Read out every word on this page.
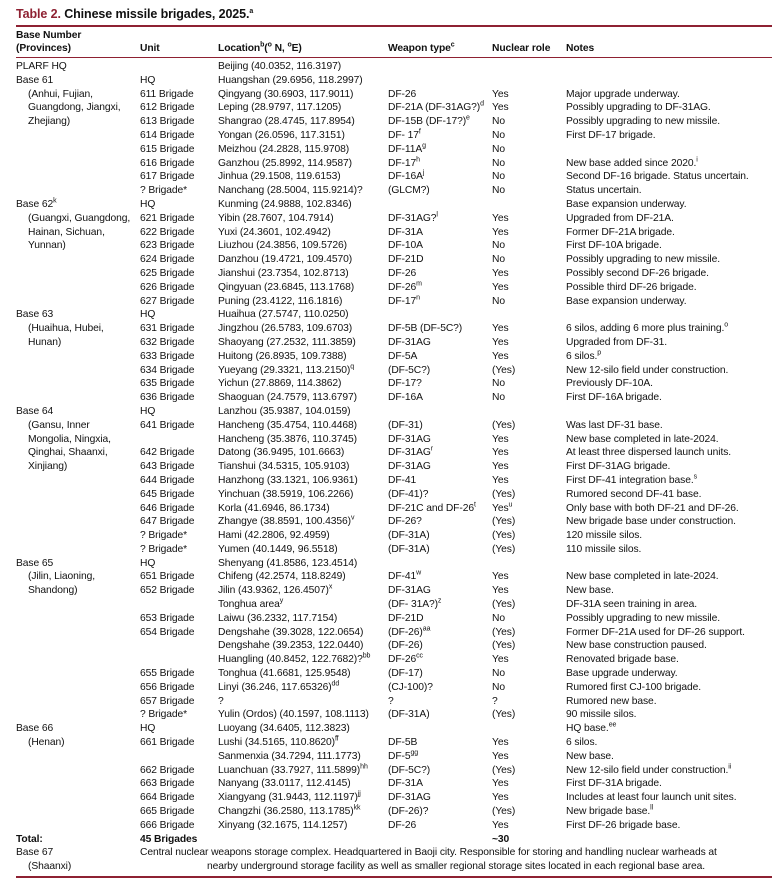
Table 2. Chinese missile brigades, 2025.$^a$
Base Number
(Provinces)	Unit	Location$^b$($^o$ N, $^o$E)	Weapon type$^c$	Nuclear role	Notes
PLARF HQ		Beijing (40.0352, 116.3197)			
Base 61	HQ	Huangshan (29.6956, 118.2997)			
(Anhui, Fujian,	611 Brigade	Qingyang (30.6903, 117.9011)	DF-26	Yes	Major upgrade underway.
Guangdong, Jiangxi,	612 Brigade	Leping (28.9797, 117.1205)	DF-21A (DF-31AG?)$^d$	Yes	Possibly upgrading to DF-31AG.
Zhejiang)	613 Brigade	Shangrao (28.4745, 117.8954)	DF-15B (DF-17?)$^e$	No	Possibly upgrading to new missile.
	614 Brigade	Yongan (26.0596, 117.3151)	DF- 17$^f$	No	First DF-17 brigade.
	615 Brigade	Meizhou (24.2828, 115.9708)	$DF-11A^g$	No	
	616 Brigade	Ganzhou (25.8992, 114.9587)	DF-17$^h$	No	New base added since 2020.$^i$
	617 Brigade	Jinhua (29.1508, 119.6153)	$DF-16A^j$	No	Second DF-16 brigade. Status uncertain.
	? Brigade*	Nanchang (28.5004, 115.9214)?	(GLCM?)	No	Status uncertain.
Base 62$^k$	HQ	Kunming (24.9888, 102.8346)			Base expansion underway.
(Guangxi, Guangdong,	621 Brigade	Yibin (28.7607, 104.7914)	DF-31AG?$^l$	Yes	Upgraded from DF-21A.
Hainan, Sichuan,	622 Brigade	Yuxi (24.3601, 102.4942)	DF-31A	Yes	Former DF-21A brigade.
Yunnan)	623 Brigade	Liuzhou (24.3856, 109.5726)	DF-10A	No	First DF-10A brigade.
	624 Brigade	Danzhou (19.4721, 109.4570)	DF-21D	No	Possibly upgrading to new missile.
	625 Brigade	Jianshui (23.7354, 102.8713)	DF-26	Yes	Possibly second DF-26 brigade.
	626 Brigade	Qingyuan (23.6845, 113.1768)	DF-26$^m$	Yes	Possible third DF-26 brigade.
	627 Brigade	Puning (23.4122, 116.1816)	DF-17$^n$	No	Base expansion underway.
Base 63	HQ	Huaihua (27.5747, 110.0250)			
(Huaihua, Hubei,	631 Brigade	Jingzhou (26.5783, 109.6703)	DF-5B (DF-5C?)	Yes	6 silos, adding 6 more plus training.$^o$
Hunan)	632 Brigade	Shaoyang (27.2532, 111.3859)	DF-31AG	Yes	Upgraded from DF-31.
	633 Brigade	Huitong (26.8935, 109.7388)	DF-5A	Yes	6 silos.$^p$
	634 Brigade	Yueyang (29.3321, 113.2150)$^q$	(DF-5C?)	(Yes)	New 12-silo field under construction.
	635 Brigade	Yichun (27.8869, 114.3862)	DF-17?	No	Previously DF-10A.
	636 Brigade	Shaoguan (24.7579, 113.6797)	DF-16A	No	First DF-16A brigade.
Base 64	HQ	Lanzhou (35.9387, 104.0159)			
(Gansu, Inner	641 Brigade	Hancheng (35.4754, 110.4468)	(DF-31)	(Yes)	Was last DF-31 base.
Mongolia, Ningxia,		Hancheng (35.3876, 110.3745)	DF-31AG	Yes	New base completed in late-2024.
Qinghai, Shaanxi,	642 Brigade	Datong (36.9495, 101.6663)	$DF-31AG^r$	Yes	At least three dispersed launch units.
Xinjiang)	643 Brigade	Tianshui (34.5315, 105.9103)	DF-31AG	Yes	First DF-31AG brigade.
	644 Brigade	Hanzhong (33.1321, 106.9361)	DF-41	Yes	First DF-41 integration base.$^s$
	645 Brigade	Yinchuan (38.5919, 106.2266)	(DF-41)?	(Yes)	Rumored second DF-41 base.
	646 Brigade	Korla (41.6946, 86.1734)	DF-21C and DF-26$^t$	Yes$^u$	Only base with both DF-21 and DF-26.
	647 Brigade	Zhangye (38.8591, 100.4356)$^v$	DF-26?	(Yes)	New brigade base under construction.
	? Brigade*	Hami (42.2806, 92.4959)	(DF-31A)	(Yes)	120 missile silos.
	? Brigade*	Yumen (40.1449, 96.5518)	(DF-31A)	(Yes)	110 missile silos.
Base 65	HQ	Shenyang (41.8586, 123.4514)			
(Jilin, Liaoning,	651 Brigade	Chifeng (42.2574, 118.8249)	DF-41$^w$	Yes	New base completed in late-2024.
Shandong)	652 Brigade	Jilin (43.9362, 126.4507)$^x$	DF-31AG	Yes	New base.
		Tonghua area$^y$	(DF- 31A?)$^z$	(Yes)	DF-31A seen training in area.
	653 Brigade	Laiwu (36.2332, 117.7154)	DF-21D	No	Possibly upgrading to new missile.
	654 Brigade	Dengshahe (39.3028, 122.0654)	$(DF-26)^{aa}$	(Yes)	Former DF-21A used for DF-26 support.
		Dengshahe (39.2353, 122.0440)	(DF-26)	(Yes)	New base construction paused.
		Huangling (40.8452, 122.7682)?$^{bb}$	$DF-26^{cc}$	Yes	Renovated brigade base.
	655 Brigade	Tonghua (41.6681, 125.9548)	(DF-17)	No	Base upgrade underway.
	656 Brigade	Linyi (36.246, 117.65326)$^{dd}$	(CJ-100)?	No	Rumored first CJ-100 brigade.
	657 Brigade	?	?	?	Rumored new base.
	? Brigade*	Yulin (Ordos) (40.1597, 108.1113)	(DF-31A)	(Yes)	90 missile silos.
Base 66	HQ	Luoyang (34.6405, 112.3823)			HQ base.$^{ee}$
(Henan)	661 Brigade	Lushi (34.5165, 110.8620)$^{ff}$	DF-5B	Yes	6 silos.
		Sanmenxia (34.7294, 111.1773)	$DF-5^{gg}$	Yes	New base.
	662 Brigade	Luanchuan (33.7927, 111.5899)$^{hh}$	(DF-5C?)	(Yes)	New 12-silo field under construction.$^{ii}$
	663 Brigade	Nanyang (33.0117, 112.4145)	DF-31A	Yes	First DF-31A brigade.
	664 Brigade	Xiangyang (31.9443, 112.1197)$^{jj}$	DF-31AG	Yes	Includes at least four launch unit sites.
	665 Brigade	Changzhi (36.2580, 113.1785)$^{kk}$	(DF-26)?	(Yes)	New brigade base.$^{ll}$
	666 Brigade	Xinyang (32.1675, 114.1257)	DF-26	Yes	First DF-26 brigade base.
Total:	45 Brigades			~30	
Base 67	Central nuclear weapons storage complex. Headquartered in Baoji city. Responsible for storing and handling nuclear warheads at				
(Shaanxi)	nearby underground storage facility as well as smaller regional storage sites located in each regional base area.				
